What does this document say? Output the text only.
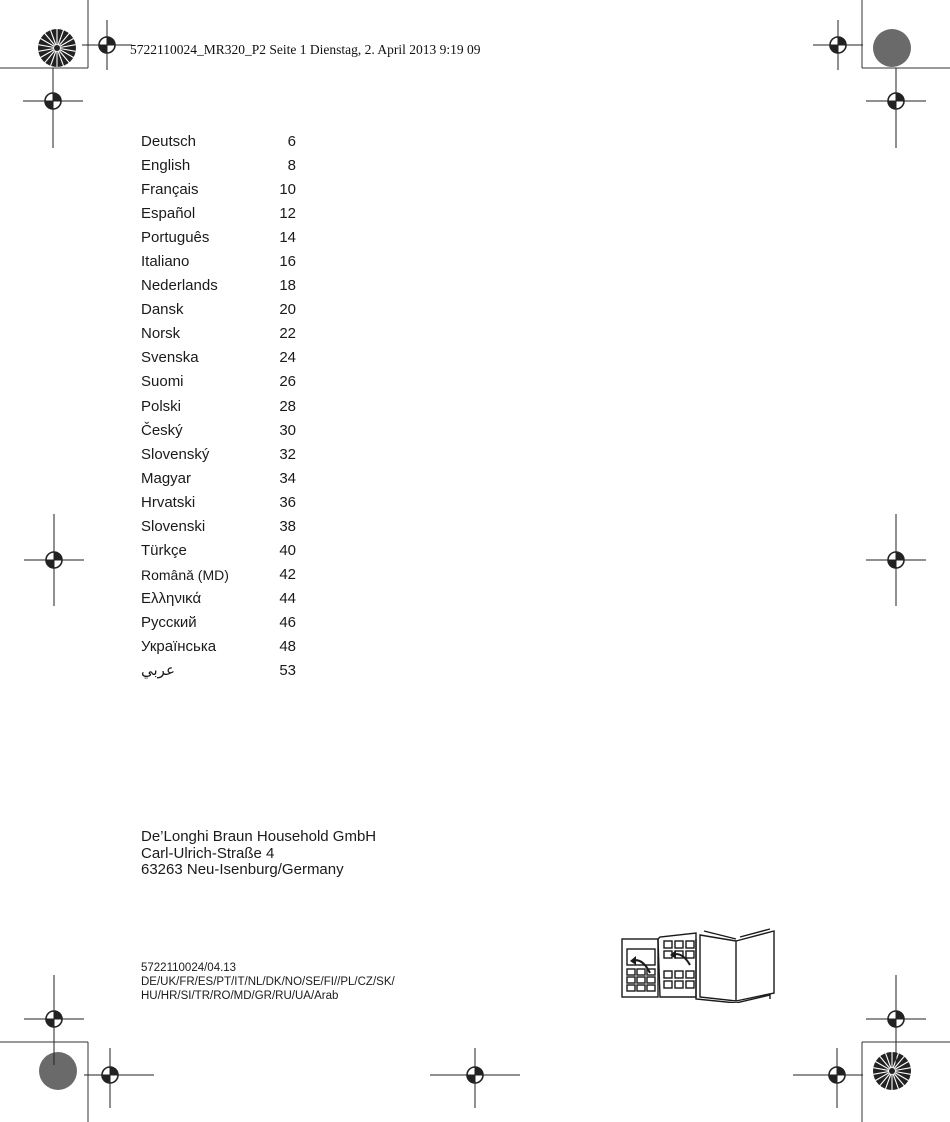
5722110024_MR320_P2 Seite 1 Dienstag, 2. April 2013 9:19 09
Deutsch	6
English	8
Français	10
Español	12
Português	14
Italiano	16
Nederlands	18
Dansk	20
Norsk	22
Svenska	24
Suomi	26
Polski	28
Český	30
Slovenský	32
Magyar	34
Hrvatski	36
Slovenski	38
Türkçe	40
Românǎ (MD)	42
Ελληνικά	44
Русский	46
Українська	48
عربي	53
De’Longhi Braun Household GmbH
Carl-Ulrich-Straße 4
63263 Neu-Isenburg/Germany
5722110024/04.13
DE/UK/FR/ES/PT/IT/NL/DK/NO/SE/FI//PL/CZ/SK/
HU/HR/SI/TR/RO/MD/GR/RU/UA/Arab
